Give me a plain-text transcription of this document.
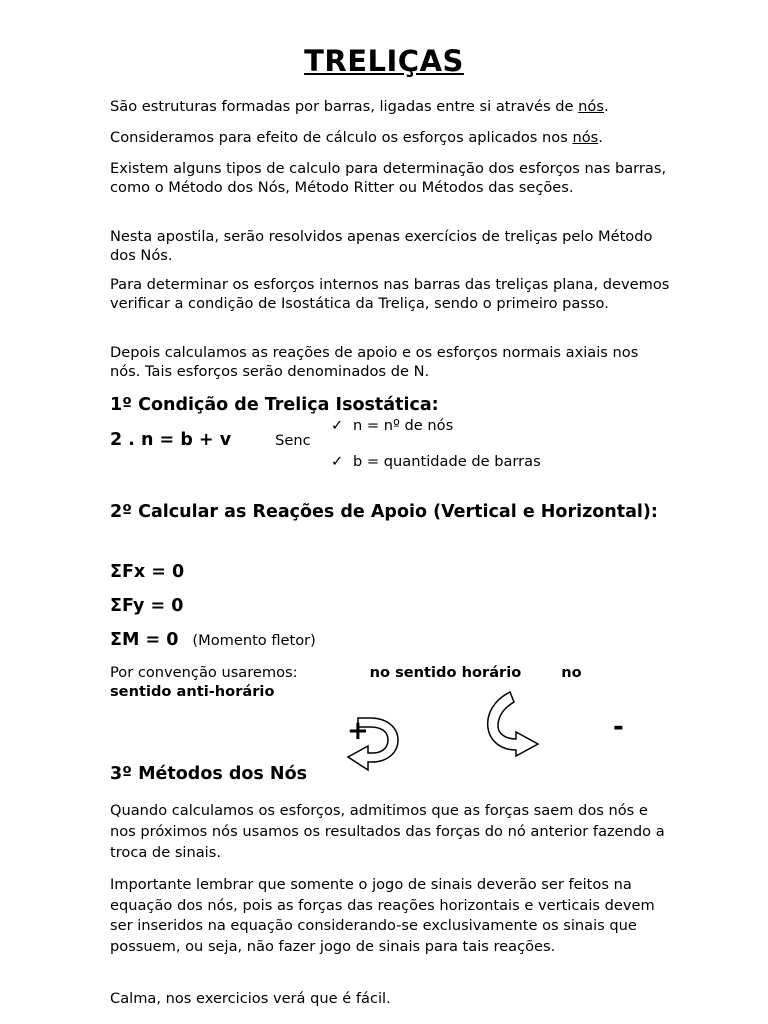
TRELIÇAS
São estruturas formadas por barras, ligadas entre si através de nós.
Consideramos para efeito de cálculo os esforços aplicados nos nós.
Existem alguns tipos de calculo para determinação dos esforços nas barras, como o Método dos Nós, Método Ritter ou Métodos das seções.
Nesta apostila, serão resolvidos apenas exercícios de treliças pelo Método dos Nós.
Para determinar os esforços internos nas barras das treliças plana, devemos verificar a condição de Isostática da Treliça, sendo o primeiro passo.
Depois calculamos as reações de apoio e os esforços normais axiais nos nós. Tais esforços serão denominados de N.
1º Condição de Treliça Isostática:
2 . n = b + v	Senc
✓ n = nº de nós
✓ b = quantidade de barras
2º Calcular as Reações de Apoio (Vertical e Horizontal):
ΣFx = 0
ΣFy = 0
ΣM = 0 (Momento fletor)
Por convenção usaremos:	no sentido horário	no
sentido anti-horário
+	-
3º Métodos dos Nós
Quando calculamos os esforços, admitimos que as forças saem dos nós e nos próximos nós usamos os resultados das forças do nó anterior fazendo a troca de sinais.
Importante lembrar que somente o jogo de sinais deverão ser feitos na equação dos nós, pois as forças das reações horizontais e verticais devem ser inseridos na equação considerando-se exclusivamente os sinais que possuem, ou seja, não fazer jogo de sinais para tais reações.
Calma, nos exercicios verá que é fácil.
